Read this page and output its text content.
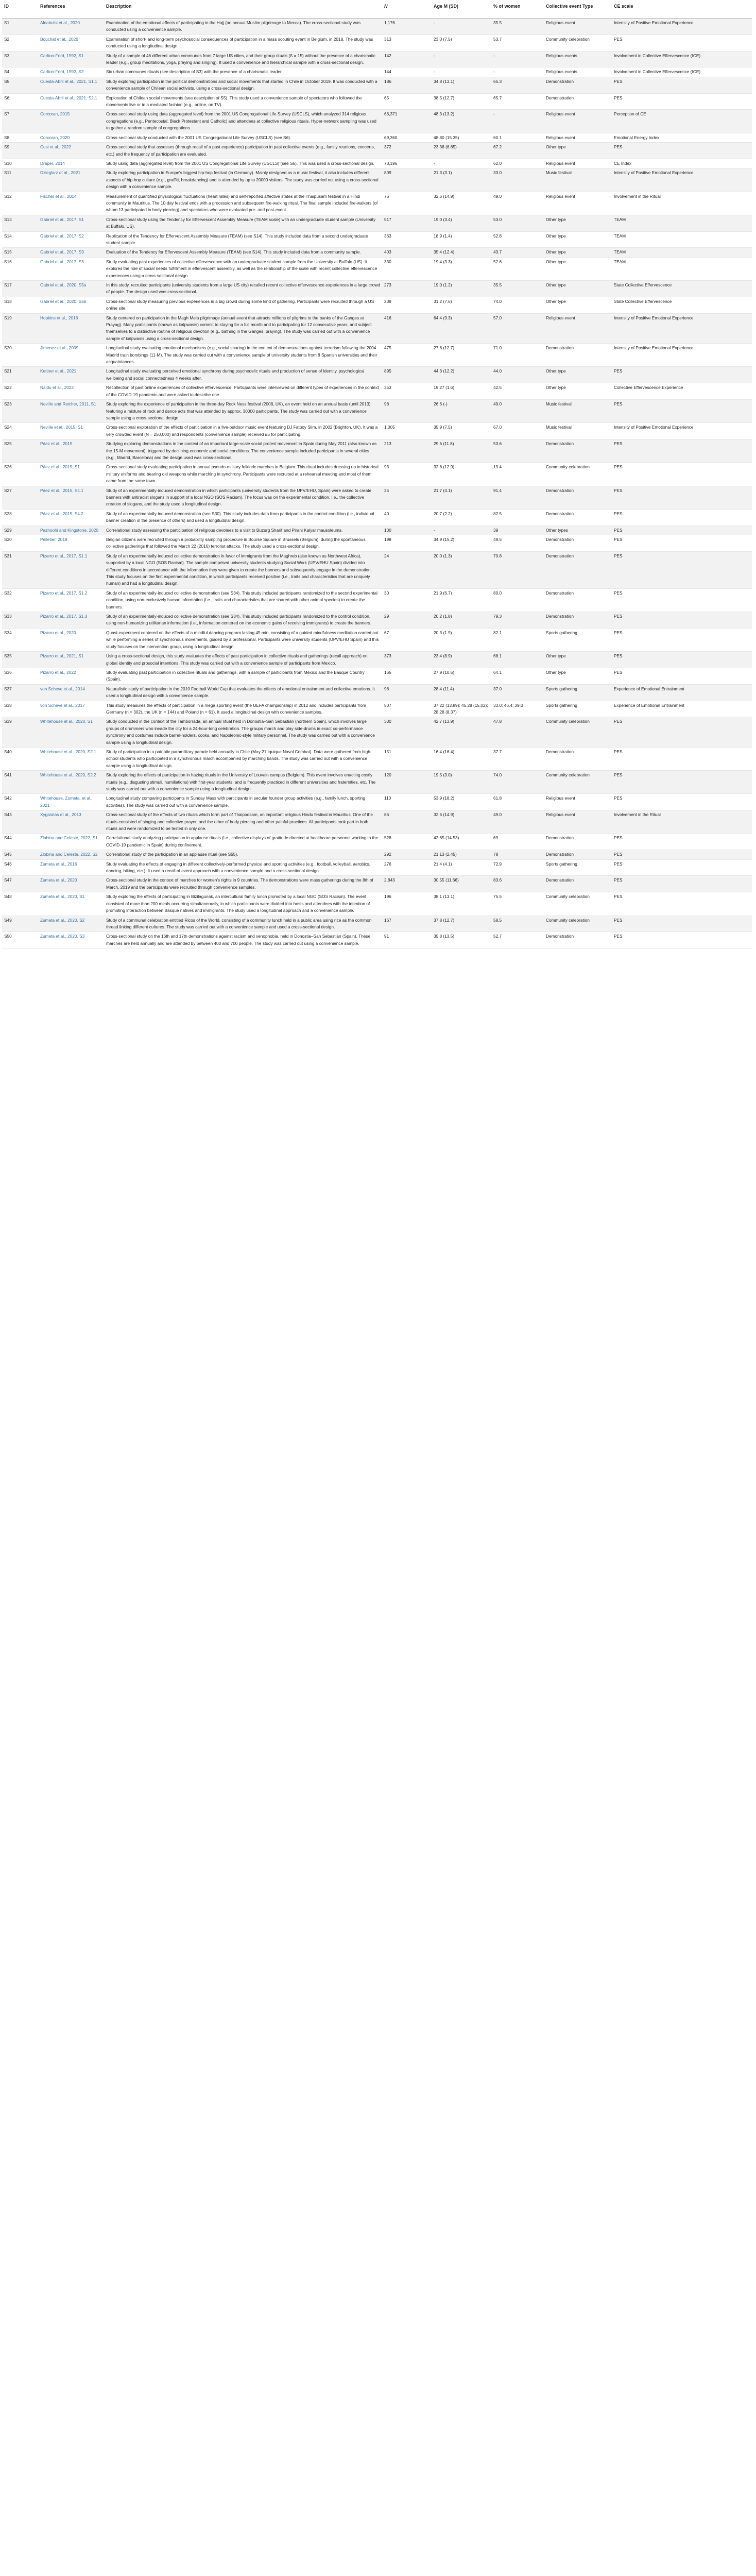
ID	References	Description	N	Age M (SD)	% of women	Collective event Type	CE scale
S1	Alnabulsi et al., 2020	Examination of the emotional effects of participating in the Hajj (an annual Muslim pilgrimage to Mecca). The cross-sectional study was conducted using a convenience sample.	1,176	-	35.5	Religious event	Intensity of Positive Emotional Experience
S2	Bouchat et al., 2020	Examination of short- and long-term psychosocial consequences of participation in a mass scouting event in Belgium, in 2018. The study was conducted using a longitudinal design.	313	23.0 (7.5)	53.7	Community celebration	PES
S3	Carlton-Ford, 1992, S1	Study of a sample of 46 different urban communes from 7 large US cities, and their group rituals (ß = 15) without the presence of a charismatic leader (e.g., group meditations, yoga, praying and singing). It used a convenience and hierarchical sample with a cross-sectional design.	142	-	-	Religious events	Involvement in Collective Effervescence (ICE)
S4	Carlton-Ford, 1992, S2	Six urban communes rituals (see description of S3) with the presence of a charismatic leader.	144	-	-	Religious events	Involvement in Collective Effervescence (ICE)
S5	Cuesta-Abril et al., 2021, S1.1	Study exploring participation in the political demonstrations and social movements that started in Chile in October 2019. It was conducted with a convenience sample of Chilean social activists, using a cross-sectional design.	186	34.8 (13.1)	65.3	Demonstration	PES
S6	Cuesta-Abril et al., 2021, S2.1	Exploration of Chilean social movements (see description of S5). This study used a convenience sample of spectators who followed the movements live or in a mediated fashion (e.g., online, on TV).	65	38.5 (12.7)	65.7	Demonstration	PES
S7	Corcoran, 2015	Cross-sectional study using data (aggregated level) from the 2001 US Congregational Life Survey (USCLS), which analyzed 314 religious congregations (e.g., Pentecostal, Black Protestant and Catholic) and attendees at collective religious rituals. Hyper-network sampling was used to gather a random sample of congregations.	66,371	48.3 (13.2)	-	Religious event	Perception of CE
S8	Corcoran, 2020	Cross-sectional study conducted with the 2001 US Congregational Life Survey (USCLS) (see S6).	69,360	48.80 (15.35)	60.1	Religious event	Emotional Energy Index
S9	Cusi et al., 2022	Cross-sectional study that assesses (through recall of a past experience) participation in past collective events (e.g., family reunions, concerts, etc.) and the frequency of participation are evaluated.	372	23.36 (6.85)	67.2	Other type	PES
S10	Draper, 2014	Study using data (aggregated level) from the 2001 US Congregational Life Survey (USCLS) (see S6). This was used a cross-sectional design.	73,196	-	62.0	Religious event	CE Index
S11	Dzieglarz et al., 2021	Study exploring participation in Europe's biggest hip-hop festival (in Germany). Mainly designed as a music festival, it also includes different aspects of hip-hop culture (e.g., graffiti, breakdancing) and is attended by up to 20000 visitors. The study was carried out using a cross-sectional design with a convenience sample.	809	21.3 (3.1)	33.0	Music festival	Intensity of Positive Emotional Experience
S12	Fischer et al., 2014	Measurement of quantified physiological fluctuations (heart rates) and self-reported affective states at the Thaipusam festival in a Hindi community in Mauritius. The 10-day festival ends with a procession and subsequent fire-walking ritual. The final sample included fire-walkers (of whom 13 participated in body piercing) and spectators who were evaluated pre- and post-event.	76	32.6 (14.9)	49.0	Religious event	Involvement in the Ritual
S13	Gabriel et al., 2017, S1	Cross-sectional study using the Tendency for Effervescent Assembly Measure (TEAM scale) with an undergraduate student sample (University at Buffalo, US).	517	19.0 (3.4)	53.0	Other type	TEAM
S14	Gabriel et al., 2017, S2	Replication of the Tendency for Effervescent Assembly Measure (TEAM) (see S14). This study included data from a second undergraduate student sample.	363	18.9 (1.4)	52.8	Other type	TEAM
S15	Gabriel et al., 2017, S3	Evaluation of the Tendency for Effervescent Assembly Measure (TEAM) (see S14). This study included data from a community sample.	403	35.4 (12.4)	43.7	Other type	TEAM
S16	Gabriel et al., 2017, S5	Study evaluating past experiences of collective effervescence with an undergraduate student sample from the University at Buffalo (US). It explores the role of social needs fulfillment in effervescent assembly, as well as the relationship of the scale with recent collective effervescence experiences using a cross-sectional design.	330	19.4 (3.3)	52.6	Other type	TEAM
S17	Gabriel et al., 2020, S5a	In this study, recruited participants (university students from a large US city) recalled recent collective effervescence experiences in a large crowd of people. The design used was cross-sectional.	273	19.0 (1.2)	35.5	Other type	State Collective Effervescence
S18	Gabriel et al., 2020, S5b	Cross-sectional study measuring previous experiences in a big crowd during some kind of gathering. Participants were recruited through a US online site.	239	31.2 (7.6)	74.0	Other type	State Collective Effervescence
S19	Hopkins et al., 2016	Study centered on participation in the Magh Mela pilgrimage (annual event that attracts millions of pilgrims to the banks of the Ganges at Prayag). Many participants (known as kalpwasis) commit to staying for a full month and to participating for 12 consecutive years, and subject themselves to a distinctive routine of religious devotion (e.g., bathing in the Ganges, praying). The study was carried out with a convenience sample of kalpwasis using a cross-sectional design.	416	64.4 (9.3)	57.0	Religious event	Intensity of Positive Emotional Experience
S20	Jimenez et al., 2009	Longitudinal study evaluating emotional mechanisms (e.g., social sharing) in the context of demonstrations against terrorism following the 2004 Madrid train bombings (11-M). The study was carried out with a convenience sample of university students from 8 Spanish universities and their acquaintances.	475	27.6 (12.7)	71.0	Demonstration	Intensity of Positive Emotional Experience
S21	Kettner et al., 2021	Longitudinal study evaluating perceived emotional synchrony during psychedelic rituals and production of sense of identity, psychological wellbeing and social connectedness 4 weeks after.	895	44.3 (12.2)	44.0	Other type	PES
S22	Naidu et al., 2022	Recollection of past online experiences of collective effervescence. Participants were interviewed on different types of experiences in the context of the COVID-19 pandemic and were asked to describe one.	353	19.27 (1.6)	42.5	Other type	Collective Effervescence Experience
S23	Neville and Reicher, 2011, S1	Study exploring the experience of participation in the three-day Rock Ness festival (2008, UK), an event held on an annual basis (until 2013) featuring a mixture of rock and dance acts that was attended by approx. 30000 participants. The study was carried out with a convenience sample using a cross-sectional design.	98	26.6 (-)	49.0	Music festival	PES
S24	Neville et al., 2015, S1	Cross-sectional exploration of the effects of participation in a five-outdoor music event featuring DJ Fatboy Slim, in 2002 (Brighton, UK). It was a very crowded event (N = 250,000) and respondents (convenience sample) received £5 for participating.	1,005	35.9 (7.5)	67.0	Music festival	Intensity of Positive Emotional Experience
S25	Páez et al., 2015	Studying exploring demonstrations in the context of an important large-scale social protest movement in Spain during May 2011 (also known as the 15-M movement), triggered by declining economic and social conditions. The convenience sample included participants in several cities (e.g., Madrid, Barcelona) and the design used was cross-sectional.	213	29.6 (11.8)	53.6	Demonstration	PES
S26	Páez et al., 2015, S1	Cross-sectional study evaluating participation in annual pseudo-military folkloric marches in Belgium. This ritual includes dressing up in historical military uniforms and bearing old weapons while marching in synchrony. Participants were recruited at a rehearsal meeting and most of them came from the same town.	93	32.6 (12.9)	19.4	Community celebration	PES
S27	Páez et al., 2015, S4.1	Study of an experimentally-induced demonstration in which participants (university students from the UPV/EHU, Spain) were asked to create banners with antiracist slogans in support of a local NGO (SOS Racism). The focus was on the experimental condition, i.e., the collective creation of slogans, and the study used a longitudinal design.	35	21.7 (4.1)	91.4	Demonstration	PES
S28	Páez et al., 2015, S4.2	Study of an experimentally-induced demonstration (see S30). This study includes data from participants in the control condition (i.e., individual banner creation in the presence of others) and used a longitudinal design.	40	20.7 (2.2)	82.5	Demonstration	PES
S29	Pazhoohi and Kingstone, 2020	Correlational study assessing the participation of religious devotees to a visit to Buzurg Sharif and Pirani Kalyar mausoleums.	100	-	39	Other types	PES
S30	Pelletier, 2018	Belgian citizens were recruited through a probability sampling procedure in Bourse Square in Brussels (Belgium), during the spontaneous collective gatherings that followed the March 22 (2016) terrorist attacks. The study used a cross-sectional design.	198	34.9 (15.2)	49.5	Demonstration	PES
S31	Pizarro et al., 2017, S1.1	Study of an experimentally-induced collective demonstration in favor of immigrants from the Maghreb (also known as Northwest Africa), supported by a local NGO (SOS Racism). The sample comprised university students studying Social Work (UPV/EHU Spain) divided into different conditions in accordance with the information they were given to create the banners and subsequently engage in the demonstration. This study focuses on the first experimental condition, in which participants received positive (i.e., traits and characteristics that are uniquely human) and had a longitudinal design.	24	20.0 (1.3)	70.8	Demonstration	PES
S32	Pizarro et al., 2017, S1.2	Study of an experimentally-induced collective demonstration (see S34). This study included participants randomized to the second experimental condition, using non-exclusively human information (i.e., traits and characteristics that are shared with other animal species) to create the banners.	30	21.9 (6.7)	80.0	Demonstration	PES
S33	Pizarro et al., 2017, S1.3	Study of an experimentally-induced collective demonstration (see S34). This study included participants randomized to the control condition, using non-humanizing utilitarian information (i.e., information centered on the economic gains of receiving immigrants) to create the banners.	29	20.2 (1.8)	79.3	Demonstration	PES
S34	Pizarro et al., 2020	Quasi-experiment centered on the effects of a mindful dancing program lasting 45 min, consisting of a guided mindfulness meditation carried out while performing a series of synchronous movements, guided by a professional. Participants were university students (UPV/EHU Spain) and this study focuses on the intervention group, using a longitudinal design.	67	20.3 (1.9)	82.1	Sports gathering	PES
S35	Pizarro et al., 2021, S1	Using a cross-sectional design, this study evaluates the effects of past participation in collective rituals and gatherings (recall approach) on global identity and prosocial intentions. This study was carried out with a convenience sample of participants from Mexico.	373	23.4 (8.9)	68.1	Other type	PES
S36	Pizarro et al., 2022	Study evaluating past participation in collective rituals and gatherings, with a sample of participants from Mexico and the Basque Country (Spain).	165	27.9 (10.5)	64.1	Other type	PES
S37	von Scheve et al., 2014	Naturalistic study of participation in the 2010 Football World Cup that evaluates the effects of emotional entrainment and collective emotions. It used a longitudinal design with a convenience sample.	98	28.4 (11.4)	37.0	Sports gathering	Experience of Emotional Entrainment
S38	von Scheve et al., 2017	This study measures the effects of participation in a mega sporting event (the UEFA championship) in 2012 and includes participants from Germany (n = 302), the UK (n = 144) and Poland (n = 61). It used a longitudinal design with convenience samples.	507	37.22 (13.89); 45.28 (15.02); 28.28 (8.37)	33.0; 46.4; 39.0	Sports gathering	Experience of Emotional Entrainment
S39	Whitehouse et al., 2020, S1	Study conducted in the context of the Tamborrada, an annual ritual held in Donostia–San Sebastián (northern Spain), which involves large groups of drummers who invade the city for a 24-hour-long celebration. The groups march and play side-drums in exact co-performance synchrony and costumes include barrel-holders, cooks, and Napoleonic-style military personnel. The study was carried out with a convenience sample using a longitudinal design.	330	42.7 (13.9)	47.8	Community celebration	PES
S40	Whitehouse et al., 2020, S2.1	Study of participation in a patriotic paramilitary parade held annually in Chile (May 21 Iquique Naval Combat). Data were gathered from high-school students who participated in a synchronous march accompanied by marching bands. The study was carried out with a convenience sample using a longitudinal design.	151	16.4 (16.4)	37.7	Demonstration	PES
S41	Whitehouse et al., 2020, S2.2	Study exploring the effects of participation in hazing rituals in the University of Louvain campus (Belgium). This event involves enacting costly rituals (e.g., disgusting stimuli, humiliations) with first-year students, and is frequently practiced in different universities and fraternities, etc. The study was carried out with a convenience sample using a longitudinal design.	120	19.5 (3.0)	74.0	Community celebration	PES
S42	Whitehouse, Zumeta, et al., 2021	Longitudinal study comparing participants in Sunday Mass with participants in secular founder group activities (e.g., family lunch, sporting activities). The study was carried out with a convenience sample.	110	53.9 (18.2)	61.8	Religious event	PES
S43	Xygalatas et al., 2013	Cross-sectional study of the effects of two rituals which form part of Thaipoosam, an important religious Hindu festival in Mauritius. One of the rituals consisted of singing and collective prayer, and the other of body piercing and other painful practices. All participants took part in both rituals and were randomized to be tested in only one.	86	32.6 (14.9)	49.0	Religious event	Involvement in the Ritual
S44	Zlobina and Celeste, 2022, S1	Correlational study analyzing participation in applause rituals (i.e., collective displays of gratitude directed at healthcare personnel working in the COVID-19 pandemic in Spain) during confinement.	528	42.65 (14.53)	69	Demonstration	PES
S45	Zlobina and Celeste, 2022, S2	Correlational study of the participation in an applause ritual (see S55).	292	21.13 (2.45)	78	Demonstration	PES
S46	Zumeta et al., 2016	Study evaluating the effects of engaging in different collectively-performed physical and sporting activities (e.g., football, volleyball, aerobics, dancing, hiking, etc.). It used a recall of event approach with a convenience sample and a cross-sectional design.	276	21.4 (4.1)	72.9	Sports gathering	PES
S47	Zumeta et al., 2020	Cross-sectional study in the context of marches for women's rights in 9 countries. The demonstrations were mass gatherings during the 8th of March, 2019 and the participants were recruited through convenience samples.	2,843	30.55 (11.66)	83.6	Demonstration	PES
S48	Zumeta et al., 2020, S1	Study exploring the effects of participating in Bizilagunak, an intercultural family lunch promoted by a local NGO (SOS Racism). The event consisted of more than 200 meals occurring simultaneously, in which participants were divided into hosts and attendees with the intention of promoting interaction between Basque natives and immigrants. The study used a longitudinal approach and a convenience sample.	196	38.1 (13.1)	75.5	Community celebration	PES
S49	Zumeta et al., 2020, S2	Study of a communal celebration entitled Ricos of the World, consisting of a community lunch held in a public area using rice as the common thread linking different cultures. The study was carried out with a convenience sample and used a cross-sectional design.	167	37.8 (12.7)	58.5	Community celebration	PES
S50	Zumeta et al., 2020, S3	Cross-sectional study on the 16th and 17th demonstrations against racism and xenophobia, held in Donostia–San Sebastián (Spain). These marches are held annually and are attended by between 400 and 700 people. The study was carried out using a convenience sample.	91	35.8 (13.5)	52.7	Demonstration	PES
